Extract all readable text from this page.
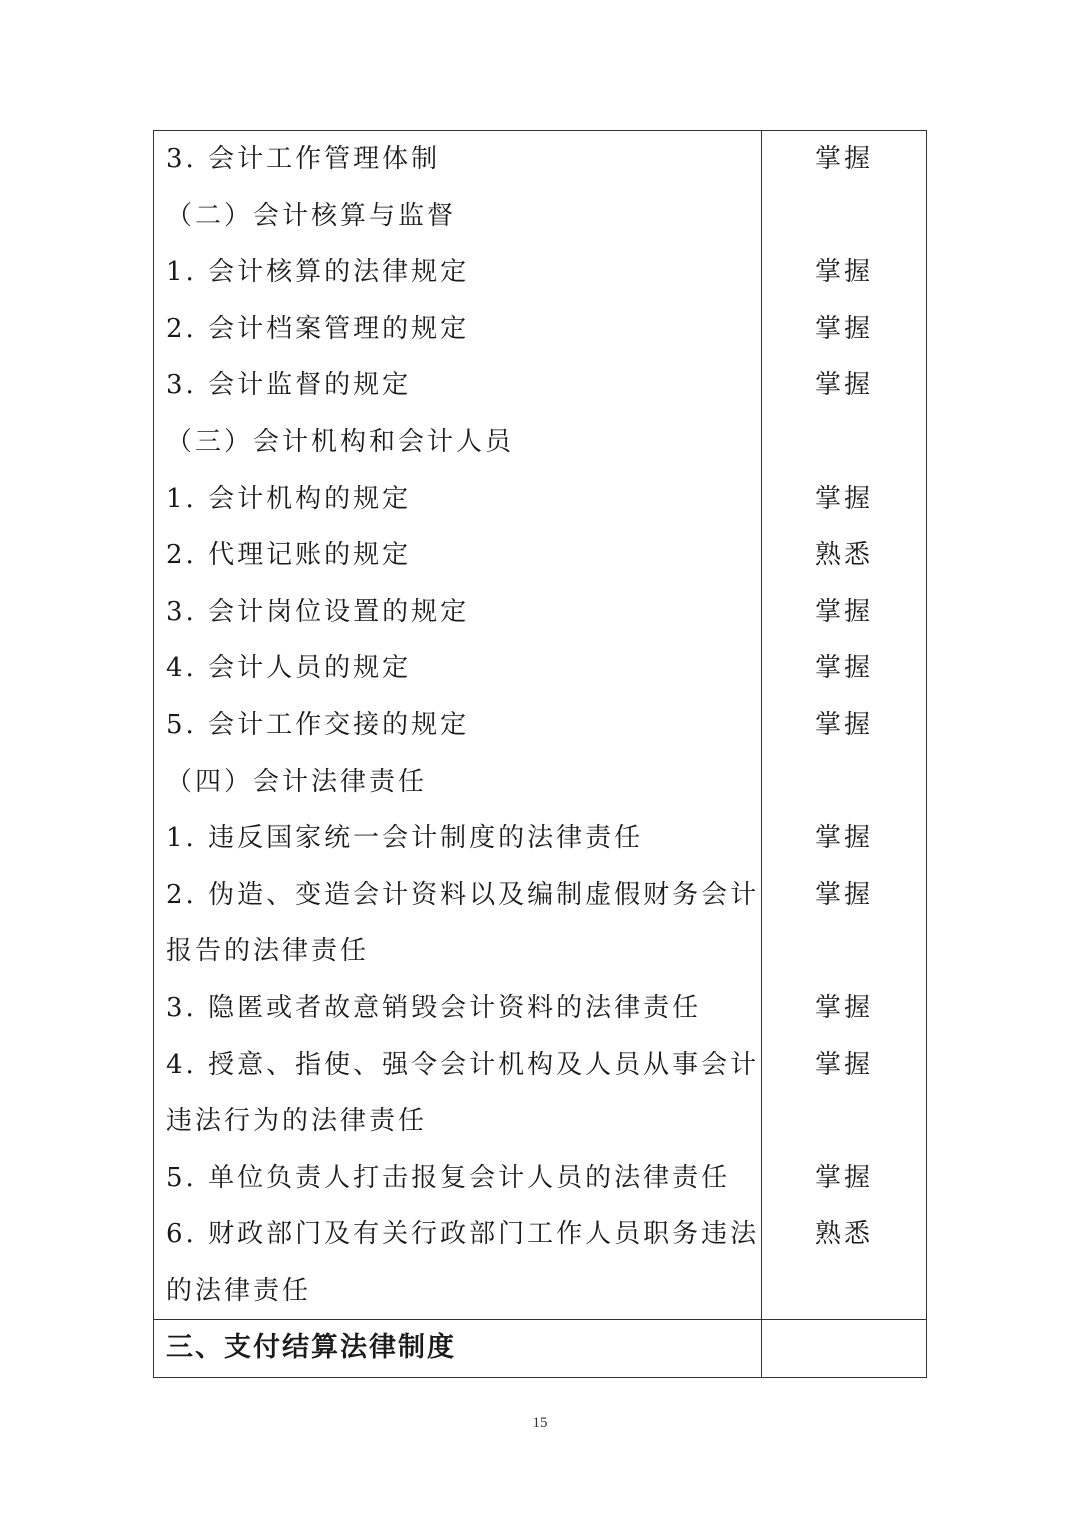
3. 会计工作管理体制
（二）会计核算与监督
1. 会计核算的法律规定
2. 会计档案管理的规定
3. 会计监督的规定
（三）会计机构和会计人员
1. 会计机构的规定
2. 代理记账的规定
3. 会计岗位设置的规定
4. 会计人员的规定
5. 会计工作交接的规定
（四）会计法律责任
1. 违反国家统一会计制度的法律责任
2. 伪造、变造会计资料以及编制虚假财务会计
报告的法律责任
3. 隐匿或者故意销毁会计资料的法律责任
4. 授意、指使、强令会计机构及人员从事会计
违法行为的法律责任
5. 单位负责人打击报复会计人员的法律责任
6. 财政部门及有关行政部门工作人员职务违法
的法律责任
掌握
掌握
掌握
掌握
掌握
熟悉
掌握
掌握
掌握
掌握
掌握
掌握
掌握
掌握
熟悉
三、支付结算法律制度
15
